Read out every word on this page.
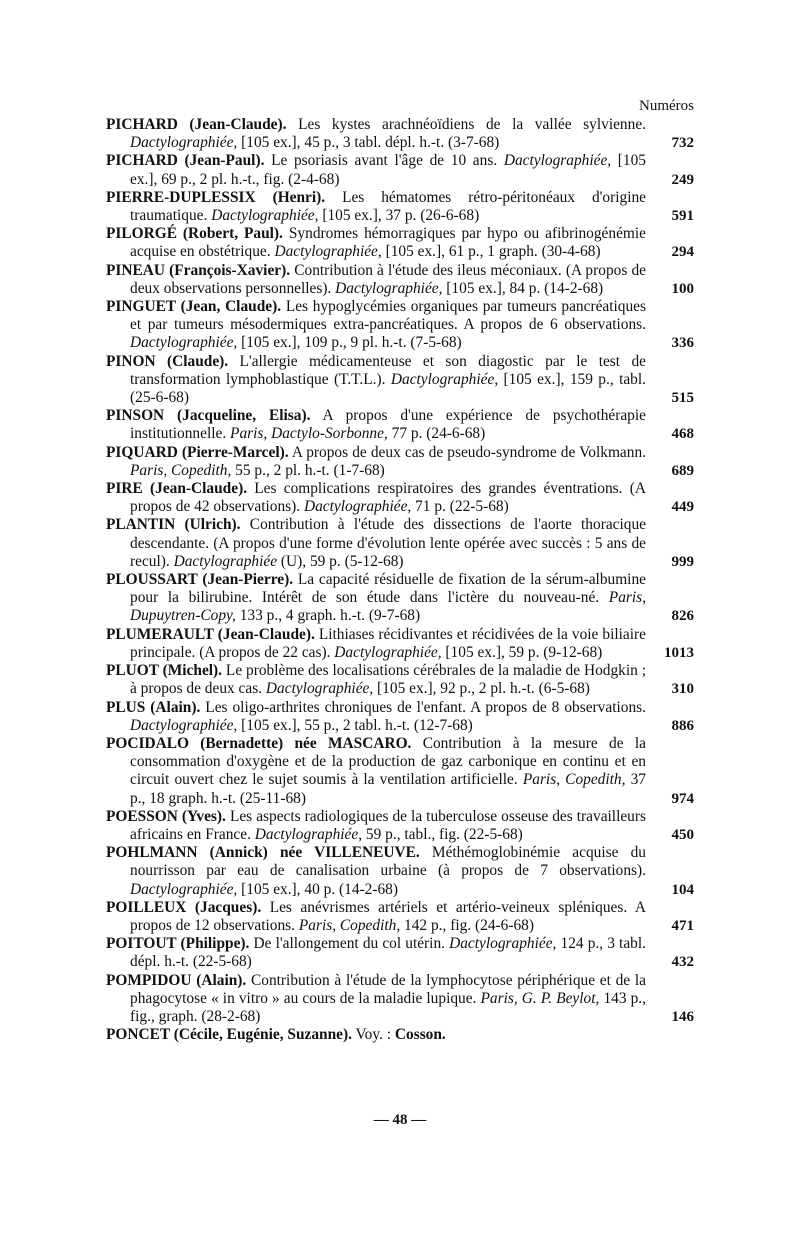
Numéros
PICHARD (Jean-Claude). Les kystes arachnéoïdiens de la vallée sylvienne. Dactylographiée, [105 ex.], 45 p., 3 tabl. dépl. h.-t. (3-7-68)	732
PICHARD (Jean-Paul). Le psoriasis avant l'âge de 10 ans. Dactylographiée, [105 ex.], 69 p., 2 pl. h.-t., fig. (2-4-68)	249
PIERRE-DUPLESSIX (Henri). Les hématomes rétro-péritonéaux d'origine traumatique. Dactylographiée, [105 ex.], 37 p. (26-6-68)	591
PILORGÉ (Robert, Paul). Syndromes hémorragiques par hypo ou afibrinogénémie acquise en obstétrique. Dactylographiée, [105 ex.], 61 p., 1 graph. (30-4-68)	294
PINEAU (François-Xavier). Contribution à l'étude des ileus méconiaux. (A propos de deux observations personnelles). Dactylographiée, [105 ex.], 84 p. (14-2-68)	100
PINGUET (Jean, Claude). Les hypoglycémies organiques par tumeurs pancréatiques et par tumeurs mésodermiques extra-pancréatiques. A propos de 6 observations. Dactylographiée, [105 ex.], 109 p., 9 pl. h.-t. (7-5-68)	336
PINON (Claude). L'allergie médicamenteuse et son diagostic par le test de transformation lymphoblastique (T.T.L.). Dactylographiée, [105 ex.], 159 p., tabl. (25-6-68)	515
PINSON (Jacqueline, Elisa). A propos d'une expérience de psychothérapie institutionnelle. Paris, Dactylo-Sorbonne, 77 p. (24-6-68)	468
PIQUARD (Pierre-Marcel). A propos de deux cas de pseudo-syndrome de Volkmann. Paris, Copedith, 55 p., 2 pl. h.-t. (1-7-68)	689
PIRE (Jean-Claude). Les complications respiratoires des grandes éventrations. (A propos de 42 observations). Dactylographiée, 71 p. (22-5-68)	449
PLANTIN (Ulrich). Contribution à l'étude des dissections de l'aorte thoracique descendante. (A propos d'une forme d'évolution lente opérée avec succès : 5 ans de recul). Dactylographiée (U), 59 p. (5-12-68)	999
PLOUSSART (Jean-Pierre). La capacité résiduelle de fixation de la sérum-albumine pour la bilirubine. Intérêt de son étude dans l'ictère du nouveau-né. Paris, Dupuytren-Copy, 133 p., 4 graph. h.-t. (9-7-68)	826
PLUMERAULT (Jean-Claude). Lithiases récidivantes et récidivées de la voie biliaire principale. (A propos de 22 cas). Dactylographiée, [105 ex.], 59 p. (9-12-68)	1013
PLUOT (Michel). Le problème des localisations cérébrales de la maladie de Hodgkin ; à propos de deux cas. Dactylographiée, [105 ex.], 92 p., 2 pl. h.-t. (6-5-68)	310
PLUS (Alain). Les oligo-arthrites chroniques de l'enfant. A propos de 8 observations. Dactylographiée, [105 ex.], 55 p., 2 tabl. h.-t. (12-7-68)	886
POCIDALO (Bernadette) née MASCARO. Contribution à la mesure de la consommation d'oxygène et de la production de gaz carbonique en continu et en circuit ouvert chez le sujet soumis à la ventilation artificielle. Paris, Copedith, 37 p., 18 graph. h.-t. (25-11-68)	974
POESSON (Yves). Les aspects radiologiques de la tuberculose osseuse des travailleurs africains en France. Dactylographiée, 59 p., tabl., fig. (22-5-68)	450
POHLMANN (Annick) née VILLENEUVE. Méthémoglobinémie acquise du nourrisson par eau de canalisation urbaine (à propos de 7 observations). Dactylographiée, [105 ex.], 40 p. (14-2-68)	104
POILLEUX (Jacques). Les anévrismes artériels et artério-veineux spléniques. A propos de 12 observations. Paris, Copedith, 142 p., fig. (24-6-68)	471
POITOUT (Philippe). De l'allongement du col utérin. Dactylographiée, 124 p., 3 tabl. dépl. h.-t. (22-5-68)	432
POMPIDOU (Alain). Contribution à l'étude de la lymphocytose périphérique et de la phagocytose « in vitro » au cours de la maladie lupique. Paris, G. P. Beylot, 143 p., fig., graph. (28-2-68)	146
PONCET (Cécile, Eugénie, Suzanne). Voy. : Cosson.
— 48 —
